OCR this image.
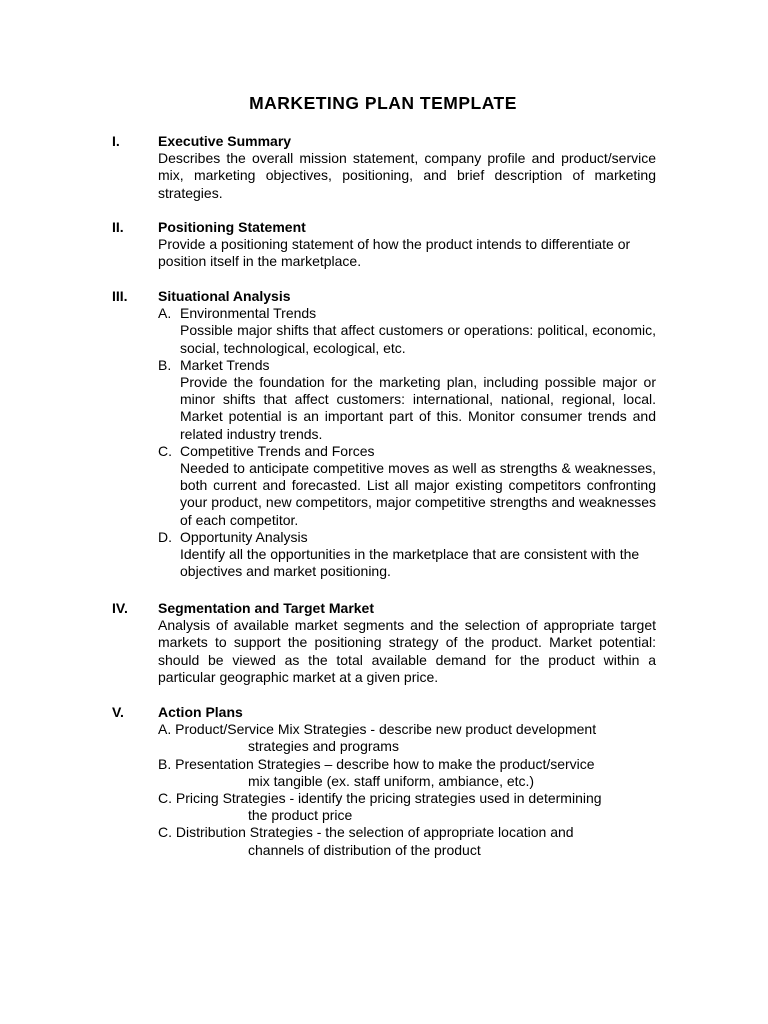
MARKETING PLAN TEMPLATE
I.	Executive Summary
Describes the overall mission statement, company profile and product/service mix, marketing objectives, positioning, and brief description of marketing strategies.
II. Positioning Statement
Provide a positioning statement of how the product intends to differentiate or position itself in the marketplace.
III. Situational Analysis
A. Environmental Trends
Possible major shifts that affect customers or operations: political, economic, social, technological, ecological, etc.
B. Market Trends
Provide the foundation for the marketing plan, including possible major or minor shifts that affect customers: international, national, regional, local. Market potential is an important part of this. Monitor consumer trends and related industry trends.
C. Competitive Trends and Forces
Needed to anticipate competitive moves as well as strengths & weaknesses, both current and forecasted. List all major existing competitors confronting your product, new competitors, major competitive strengths and weaknesses of each competitor.
D. Opportunity Analysis
Identify all the opportunities in the marketplace that are consistent with the objectives and market positioning.
IV. Segmentation and Target Market
Analysis of available market segments and the selection of appropriate target markets to support the positioning strategy of the product. Market potential: should be viewed as the total available demand for the product within a particular geographic market at a given price.
V. Action Plans
A. Product/Service Mix Strategies - describe new product development
strategies and programs
B. Presentation Strategies – describe how to make the product/service
mix tangible (ex. staff uniform, ambiance, etc.)
C. Pricing Strategies - identify the pricing strategies used in determining
the product price
C. Distribution Strategies - the selection of appropriate location and
channels of distribution of the product
